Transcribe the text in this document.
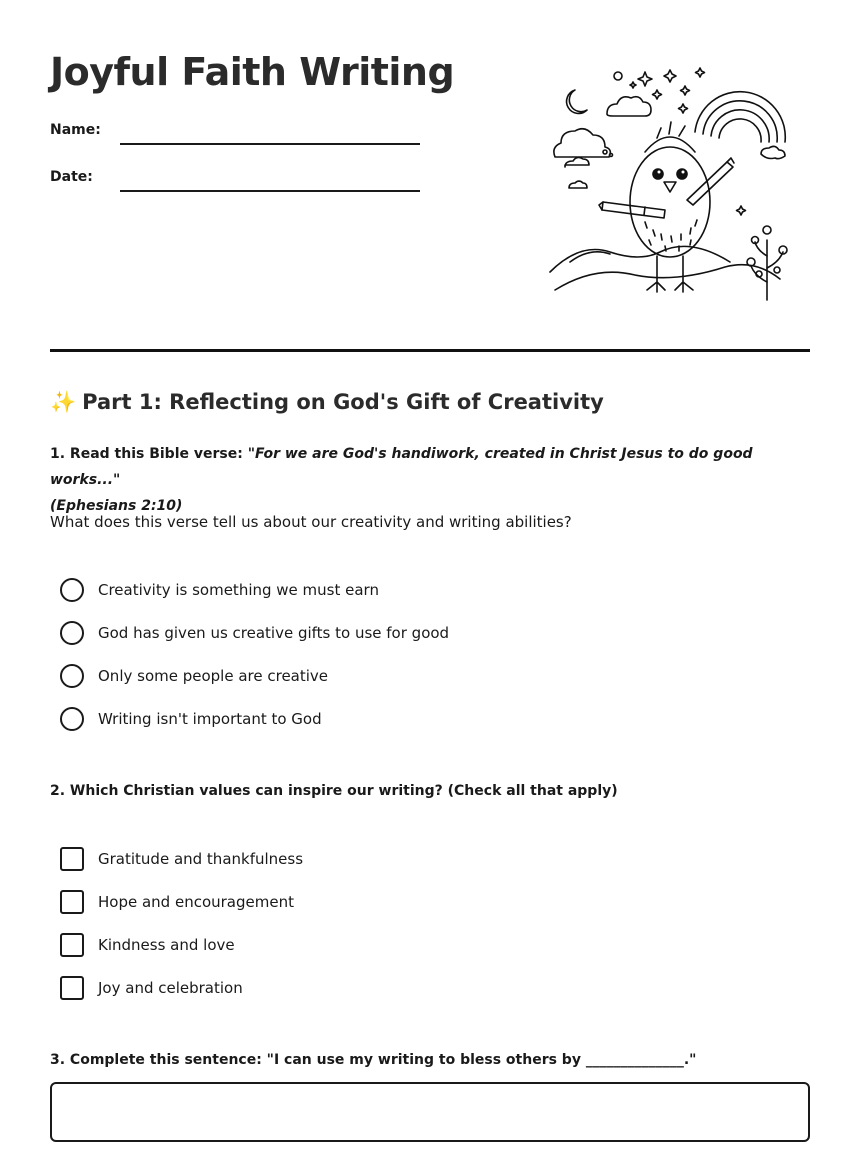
Joyful Faith Writing
Name:
Date:
✨ Part 1: Reflecting on God's Gift of Creativity
1. Read this Bible verse: "For we are God's handiwork, created in Christ Jesus to do good works..."
(Ephesians 2:10)
What does this verse tell us about our creativity and writing abilities?
Creativity is something we must earn
God has given us creative gifts to use for good
Only some people are creative
Writing isn't important to God
2. Which Christian values can inspire our writing? (Check all that apply)
Gratitude and thankfulness
Hope and encouragement
Kindness and love
Joy and celebration
3. Complete this sentence: "I can use my writing to bless others by ______________."
